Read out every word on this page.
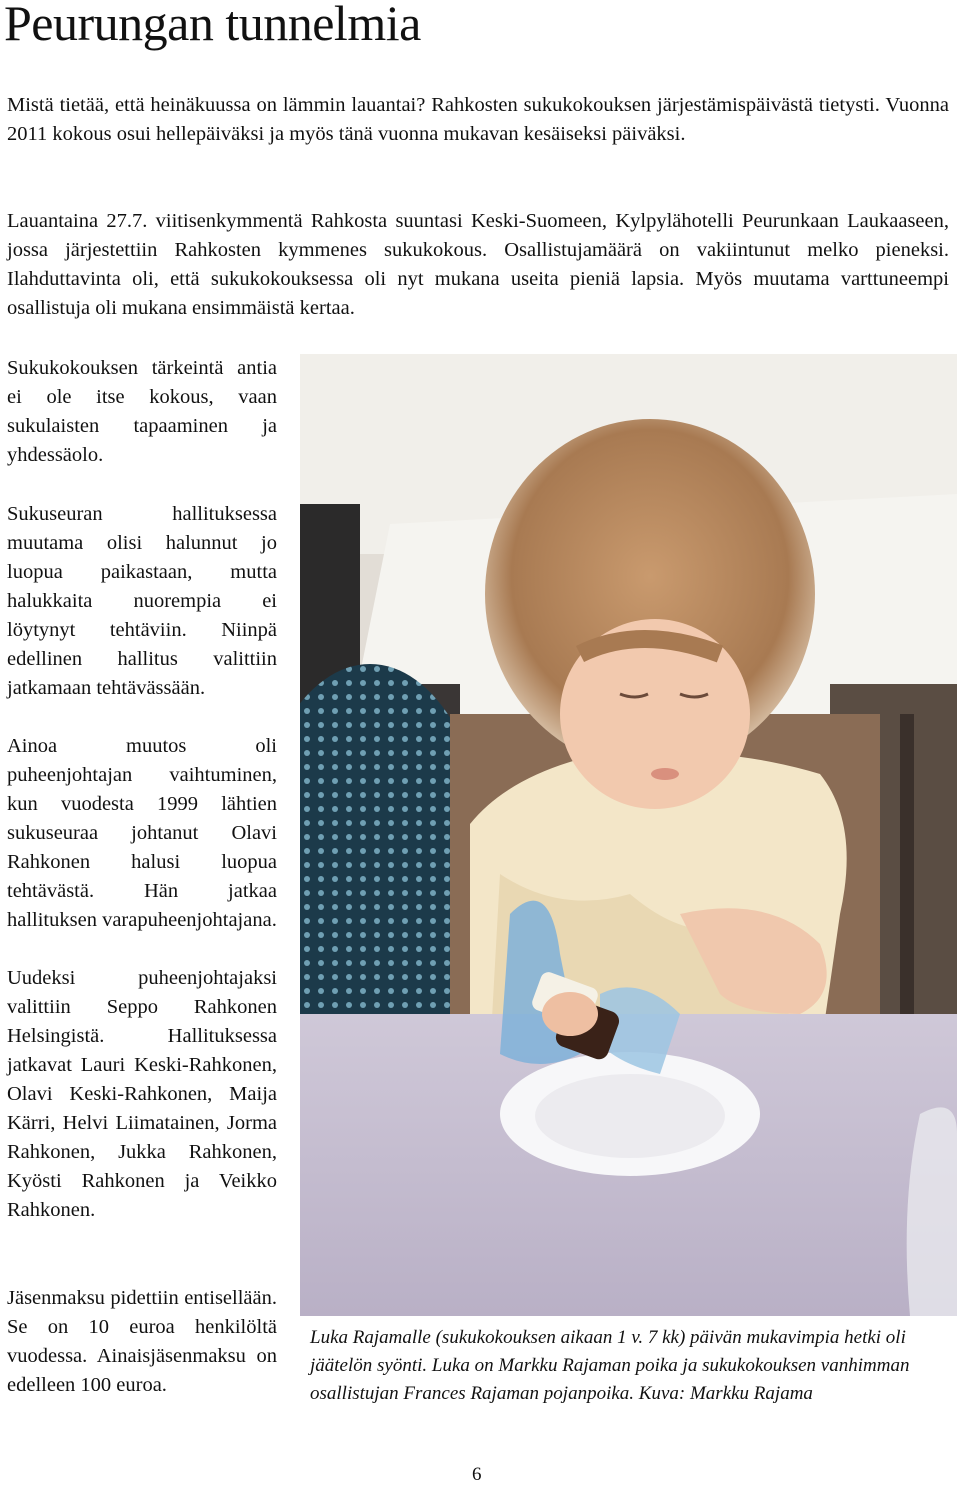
Peurungan tunnelmia

Mistä tietää, että heinäkuussa on lämmin lauantai? Rahkosten sukukokouksen järjestämispäivästä tietysti. Vuonna 2011 kokous osui hellepäiväksi ja myös tänä vuonna mukavan kesäiseksi päiväksi.

Lauantaina 27.7. viitisenkymmentä Rahkosta suuntasi Keski-Suomeen, Kylpylähotelli Peurunkaan Laukaaseen, jossa järjestettiin Rahkosten kymmenes sukukokous. Osallistujamäärä on vakiintunut melko pieneksi. Ilahduttavinta oli, että sukukokouksessa oli nyt mukana useita pieniä lapsia. Myös muutama varttuneempi osallistuja oli mukana ensimmäistä kertaa.

Sukukokouksen tärkeintä antia ei ole itse kokous, vaan sukulaisten tapaaminen ja yhdessäolo.

Sukuseuran hallituksessa muutama olisi halunnut jo luopua paikastaan, mutta halukkaita nuorempia ei löytynyt tehtäviin. Niinpä edellinen hallitus valittiin jatkamaan tehtävässään.

Ainoa muutos oli puheenjohtajan vaihtuminen, kun vuodesta 1999 lähtien sukuseuraa johtanut Olavi Rahkonen halusi luopua tehtävästä. Hän jatkaa hallituksen varapuheenjohtajana.

Uudeksi puheenjohtajaksi valittiin Seppo Rahkonen Helsingistä. Hallituksessa jatkavat Lauri Keski-Rahkonen, Olavi Keski-Rahkonen, Maija Kärri, Helvi Liimatainen, Jorma Rahkonen, Jukka Rahkonen, Kyösti Rahkonen ja Veikko Rahkonen.

Jäsenmaksu pidettiin entisellään. Se on 10 euroa henkilöltä vuodessa. Ainaisjäsenmaksu on edelleen 100 euroa.

Luka Rajamalle (sukukokouksen aikaan 1 v. 7 kk) päivän mukavimpia hetki oli jäätelön syönti. Luka on Markku Rajaman poika ja sukukokouksen vanhimman osallistujan Frances Rajaman pojanpoika. Kuva: Markku Rajama

6
